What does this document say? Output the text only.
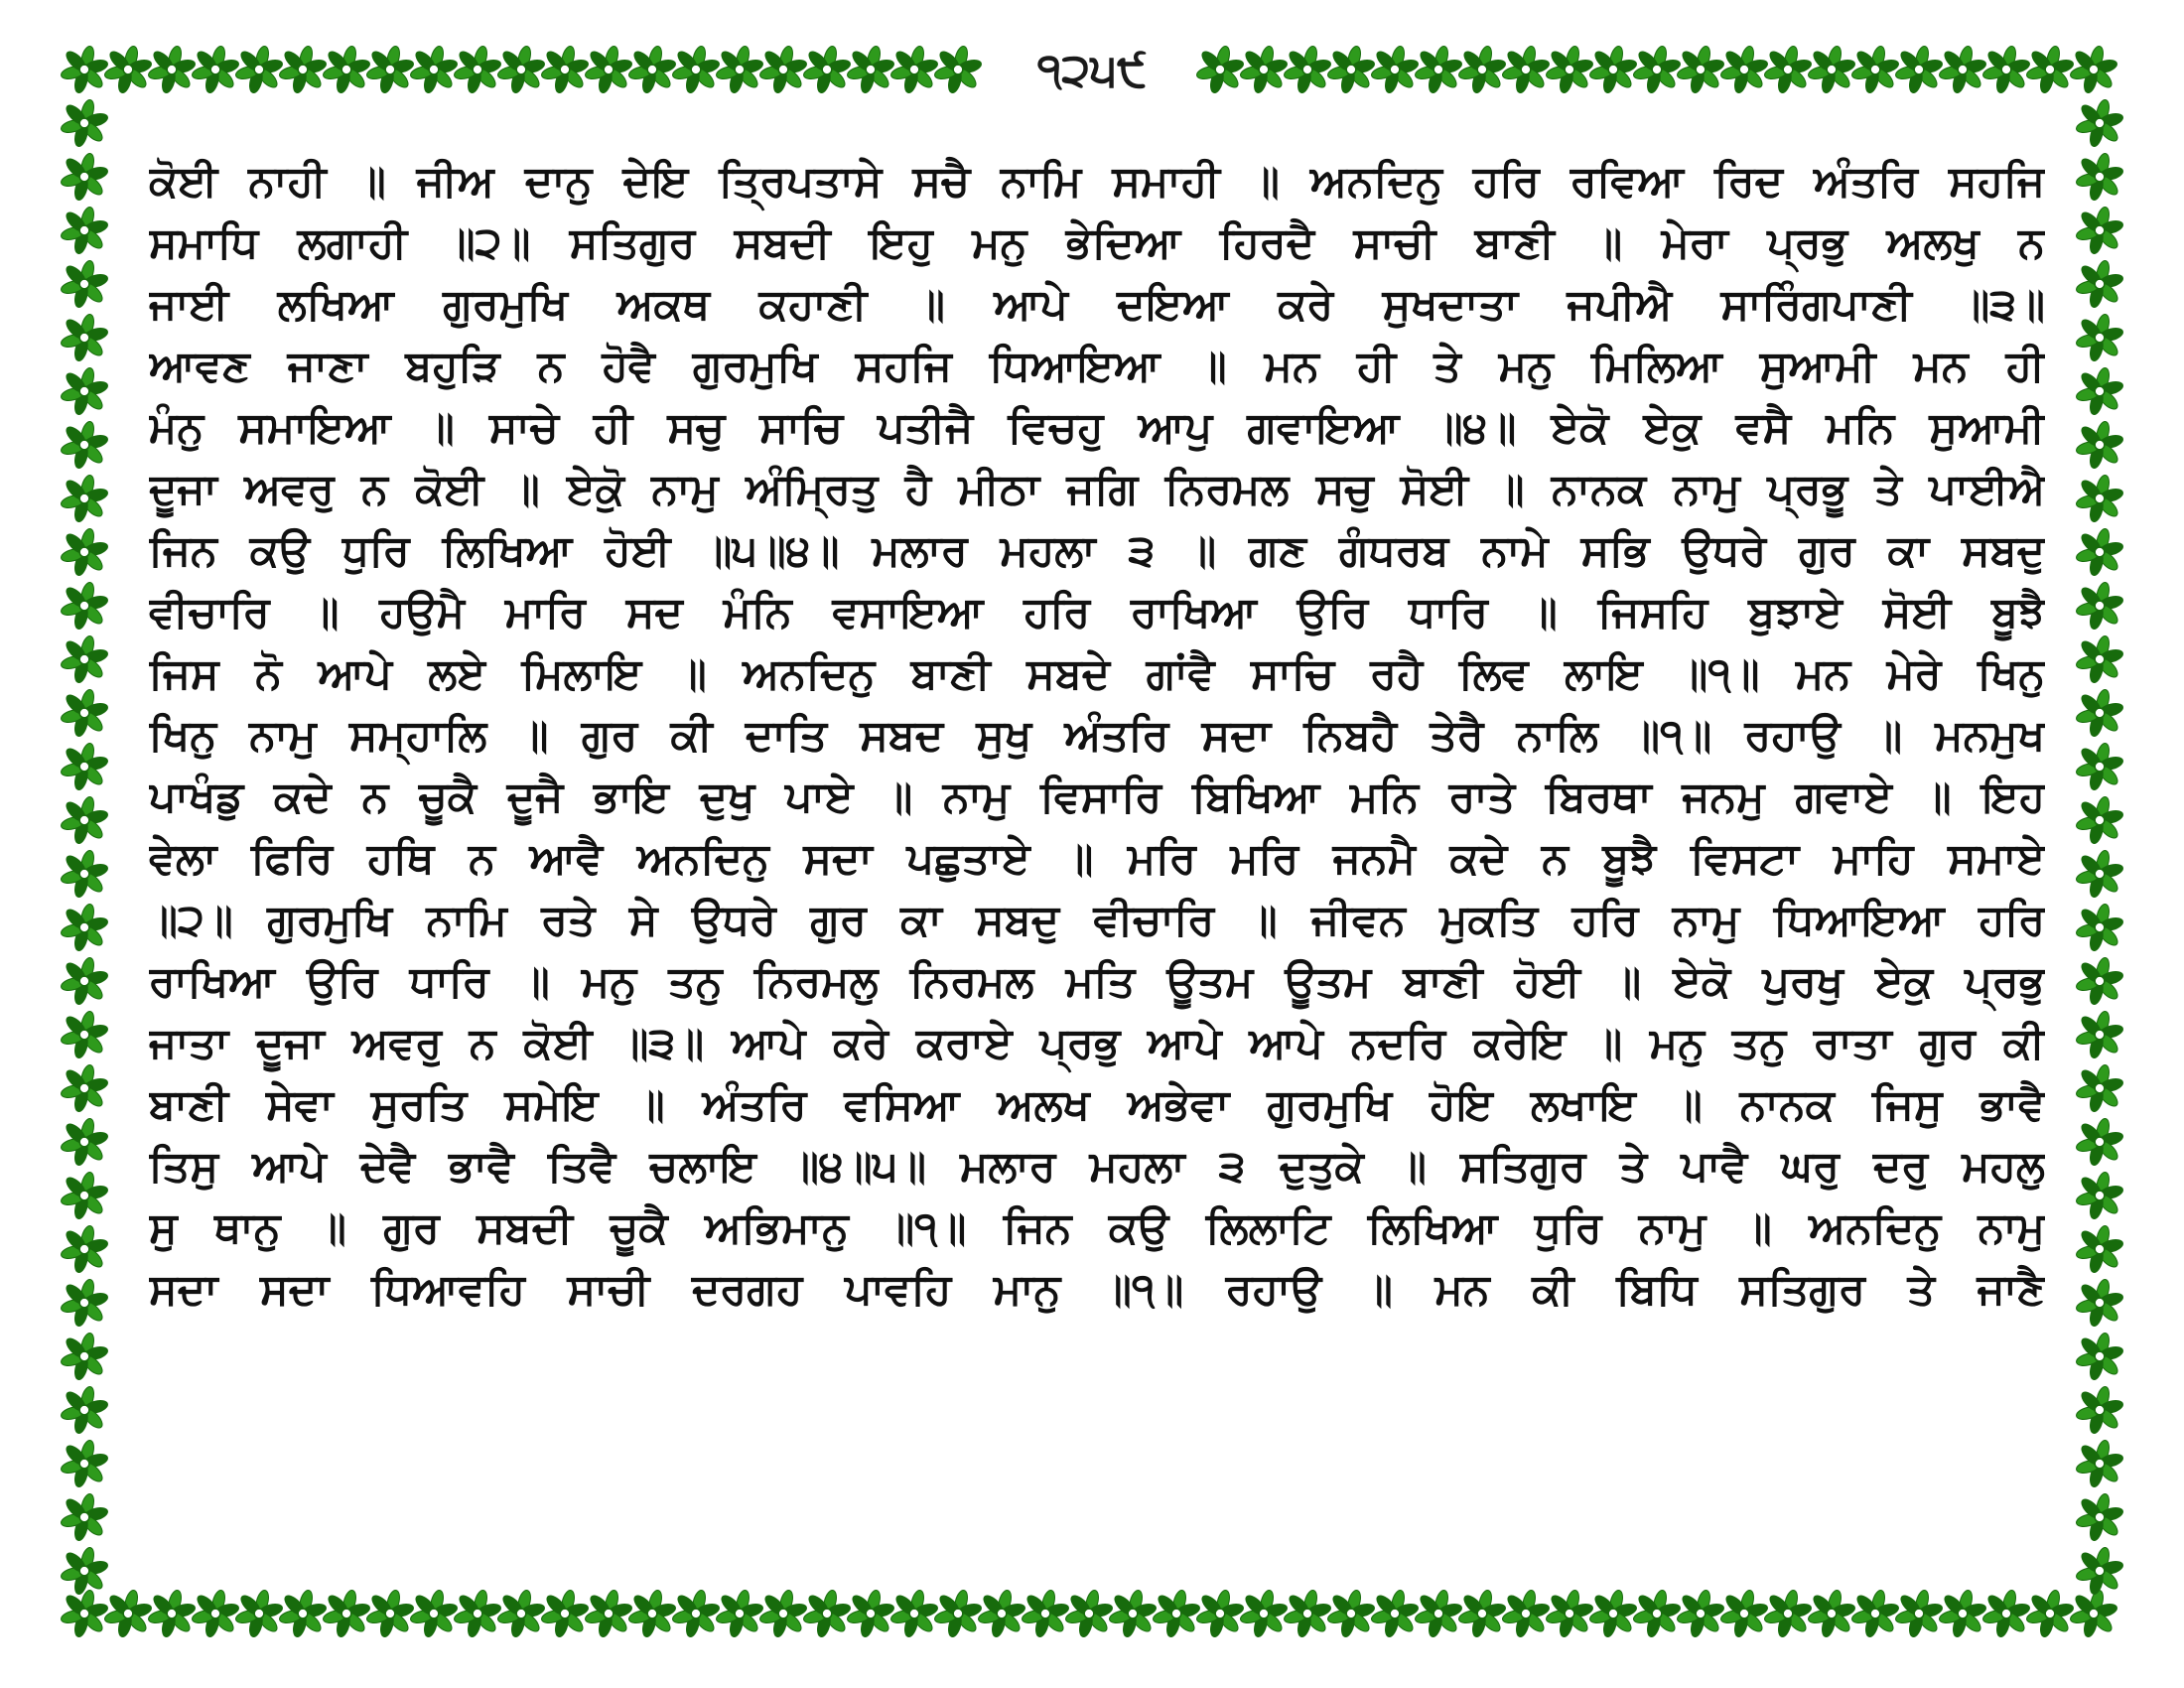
੧੨੫੯
ਕੋਈ ਨਾਹੀ ॥ ਜੀਅ ਦਾਨੁ ਦੇਇ ਤ੍ਰਿਪਤਾਸੇ ਸਚੈ ਨਾਮਿ ਸਮਾਹੀ ॥ ਅਨਦਿਨੁ ਹਰਿ ਰਵਿਆ ਰਿਦ ਅੰਤਰਿ ਸਹਜਿ
ਸਮਾਧਿ ਲਗਾਹੀ ॥੨॥ ਸਤਿਗੁਰ ਸਬਦੀ ਇਹੁ ਮਨੁ ਭੇਦਿਆ ਹਿਰਦੈ ਸਾਚੀ ਬਾਣੀ ॥ ਮੇਰਾ ਪ੍ਰਭੁ ਅਲਖੁ ਨ
ਜਾਈ ਲਖਿਆ ਗੁਰਮੁਖਿ ਅਕਥ ਕਹਾਣੀ ॥ ਆਪੇ ਦਇਆ ਕਰੇ ਸੁਖਦਾਤਾ ਜਪੀਐ ਸਾਰਿੰਗਪਾਣੀ ॥੩॥
ਆਵਣ ਜਾਣਾ ਬਹੁੜਿ ਨ ਹੋਵੈ ਗੁਰਮੁਖਿ ਸਹਜਿ ਧਿਆਇਆ ॥ ਮਨ ਹੀ ਤੇ ਮਨੁ ਮਿਲਿਆ ਸੁਆਮੀ ਮਨ ਹੀ
ਮੰਨੁ ਸਮਾਇਆ ॥ ਸਾਚੇ ਹੀ ਸਚੁ ਸਾਚਿ ਪਤੀਜੈ ਵਿਚਹੁ ਆਪੁ ਗਵਾਇਆ ॥੪॥ ਏਕੋ ਏਕੁ ਵਸੈ ਮਨਿ ਸੁਆਮੀ
ਦੂਜਾ ਅਵਰੁ ਨ ਕੋਈ ॥ ਏਕੋੁ ਨਾਮੁ ਅੰਮ੍ਰਿਤੁ ਹੈ ਮੀਠਾ ਜਗਿ ਨਿਰਮਲ ਸਚੁ ਸੋਈ ॥ ਨਾਨਕ ਨਾਮੁ ਪ੍ਰਭੂ ਤੇ ਪਾਈਐ
ਜਿਨ ਕਉ ਧੁਰਿ ਲਿਖਿਆ ਹੋਈ ॥੫॥੪॥ ਮਲਾਰ ਮਹਲਾ ੩ ॥ ਗਣ ਗੰਧਰਬ ਨਾਮੇ ਸਭਿ ਉਧਰੇ ਗੁਰ ਕਾ ਸਬਦੁ
ਵੀਚਾਰਿ ॥ ਹਉਮੈ ਮਾਰਿ ਸਦ ਮੰਨਿ ਵਸਾਇਆ ਹਰਿ ਰਾਖਿਆ ਉਰਿ ਧਾਰਿ ॥ ਜਿਸਹਿ ਬੁਝਾਏ ਸੋਈ ਬੂਝੈ
ਜਿਸ ਨੋ ਆਪੇ ਲਏ ਮਿਲਾਇ ॥ ਅਨਦਿਨੁ ਬਾਣੀ ਸਬਦੇ ਗਾਂਵੈ ਸਾਚਿ ਰਹੈ ਲਿਵ ਲਾਇ ॥੧॥ ਮਨ ਮੇਰੇ ਖਿਨੁ
ਖਿਨੁ ਨਾਮੁ ਸਮ੍ਹਾਲਿ ॥ ਗੁਰ ਕੀ ਦਾਤਿ ਸਬਦ ਸੁਖੁ ਅੰਤਰਿ ਸਦਾ ਨਿਬਹੈ ਤੇਰੈ ਨਾਲਿ ॥੧॥ ਰਹਾਉ ॥ ਮਨਮੁਖ
ਪਾਖੰਡੁ ਕਦੇ ਨ ਚੂਕੈ ਦੂਜੈ ਭਾਇ ਦੁਖੁ ਪਾਏ ॥ ਨਾਮੁ ਵਿਸਾਰਿ ਬਿਖਿਆ ਮਨਿ ਰਾਤੇ ਬਿਰਥਾ ਜਨਮੁ ਗਵਾਏ ॥ ਇਹ
ਵੇਲਾ ਫਿਰਿ ਹਥਿ ਨ ਆਵੈ ਅਨਦਿਨੁ ਸਦਾ ਪਛੁਤਾਏ ॥ ਮਰਿ ਮਰਿ ਜਨਮੈ ਕਦੇ ਨ ਬੂਝੈ ਵਿਸਟਾ ਮਾਹਿ ਸਮਾਏ
॥੨॥ ਗੁਰਮੁਖਿ ਨਾਮਿ ਰਤੇ ਸੇ ਉਧਰੇ ਗੁਰ ਕਾ ਸਬਦੁ ਵੀਚਾਰਿ ॥ ਜੀਵਨ ਮੁਕਤਿ ਹਰਿ ਨਾਮੁ ਧਿਆਇਆ ਹਰਿ
ਰਾਖਿਆ ਉਰਿ ਧਾਰਿ ॥ ਮਨੁ ਤਨੁ ਨਿਰਮਲੁ ਨਿਰਮਲ ਮਤਿ ਊਤਮ ਊਤਮ ਬਾਣੀ ਹੋਈ ॥ ਏਕੋ ਪੁਰਖੁ ਏਕੁ ਪ੍ਰਭੁ
ਜਾਤਾ ਦੂਜਾ ਅਵਰੁ ਨ ਕੋਈ ॥੩॥ ਆਪੇ ਕਰੇ ਕਰਾਏ ਪ੍ਰਭੁ ਆਪੇ ਆਪੇ ਨਦਰਿ ਕਰੇਇ ॥ ਮਨੁ ਤਨੁ ਰਾਤਾ ਗੁਰ ਕੀ
ਬਾਣੀ ਸੇਵਾ ਸੁਰਤਿ ਸਮੇਇ ॥ ਅੰਤਰਿ ਵਸਿਆ ਅਲਖ ਅਭੇਵਾ ਗੁਰਮੁਖਿ ਹੋਇ ਲਖਾਇ ॥ ਨਾਨਕ ਜਿਸੁ ਭਾਵੈ
ਤਿਸੁ ਆਪੇ ਦੇਵੈ ਭਾਵੈ ਤਿਵੈ ਚਲਾਇ ॥੪॥੫॥ ਮਲਾਰ ਮਹਲਾ ੩ ਦੁਤੁਕੇ ॥ ਸਤਿਗੁਰ ਤੇ ਪਾਵੈ ਘਰੁ ਦਰੁ ਮਹਲੁ
ਸੁ ਥਾਨੁ ॥ ਗੁਰ ਸਬਦੀ ਚੂਕੈ ਅਭਿਮਾਨੁ ॥੧॥ ਜਿਨ ਕਉ ਲਿਲਾਟਿ ਲਿਖਿਆ ਧੁਰਿ ਨਾਮੁ ॥ ਅਨਦਿਨੁ ਨਾਮੁ
ਸਦਾ ਸਦਾ ਧਿਆਵਹਿ ਸਾਚੀ ਦਰਗਹ ਪਾਵਹਿ ਮਾਨੁ ॥੧॥ ਰਹਾਉ ॥ ਮਨ ਕੀ ਬਿਧਿ ਸਤਿਗੁਰ ਤੇ ਜਾਣੈ
